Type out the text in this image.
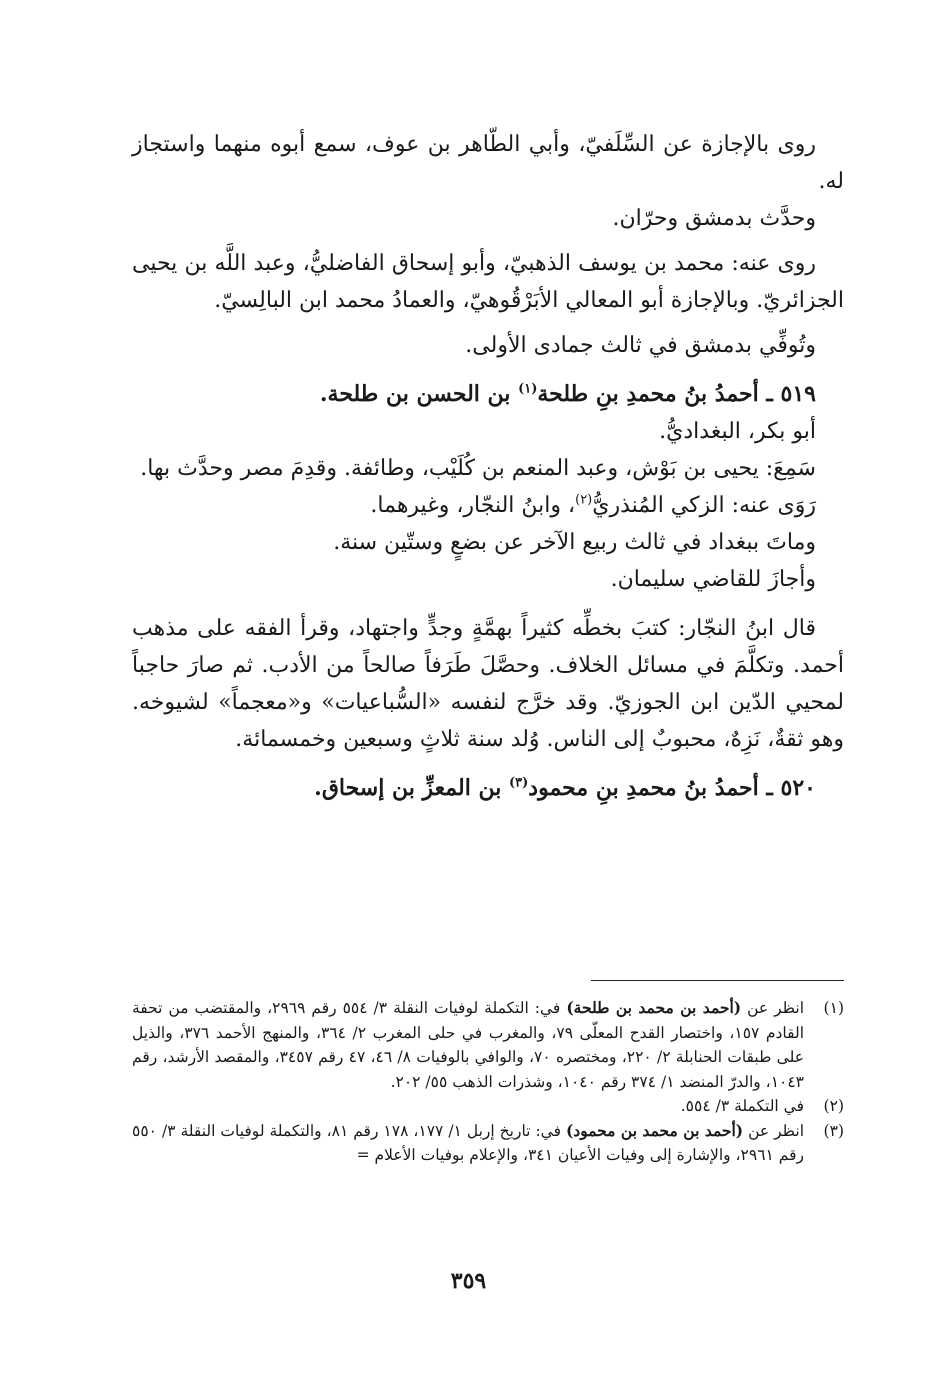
روى بالإجازة عن السِّلَفيّ، وأبي الطّاهر بن عوف، سمع أبوه منهما واستجاز له.

وحدَّث بدمشق وحرّان.

روى عنه: محمد بن يوسف الذهبيّ، وأبو إسحاق الفاضليُّ، وعبد اللَّه بن يحيى الجزائريّ. وبالإجازة أبو المعالي الأبَرْقُوهيّ، والعمادُ محمد ابن البالِسيّ.

وتُوفِّي بدمشق في ثالث جمادى الأولى.

٥١٩ ـ أحمدُ بنُ محمدِ بنِ طلحة$^{(١)}$ بن الحسن بن طلحة.

أبو بكر، البغداديُّ.

سَمِعَ: يحيى بن بَوْش، وعبد المنعم بن كُلَيْب، وطائفة. وقدِمَ مصر وحدَّث بها.

رَوَى عنه: الزكي المُنذريُّ$^{(٢)}$، وابنُ النجّار، وغيرهما.

وماتَ ببغداد في ثالث ربيع الآخر عن بضعٍ وستّين سنة.

وأجازَ للقاضي سليمان.

قال ابنُ النجّار: كتبَ بخطِّه كثيراً بهمَّةٍ وجدٍّ واجتهاد، وقرأ الفقه على مذهب أحمد. وتكلَّمَ في مسائل الخلاف. وحصَّلَ طَرَفاً صالحاً من الأدب. ثم صارَ حاجباً لمحيي الدّين ابن الجوزيّ. وقد خرَّج لنفسه «السُّباعيات» و«معجماً» لشيوخه. وهو ثقةٌ، نَزِهٌ، محبوبٌ إلى الناس. وُلد سنة ثلاثٍ وسبعين وخمسمائة.

٥٢٠ ـ أحمدُ بنُ محمدِ بنِ محمود$^{(٣)}$ بن المعزِّ بن إسحاق.

(١)
انظر عن (أحمد بن محمد بن طلحة) في: التكملة لوفيات النقلة ٣/ ٥٥٤ رقم ٢٩٦٩، والمقتضب من تحفة القادم ١٥٧، واختصار القدح المعلّى ٧٩، والمغرب في حلى المغرب ٢/ ٣٦٤، والمنهج الأحمد ٣٧٦، والذيل على طبقات الحنابلة ٢/ ٢٢٠، ومختصره ٧٠، والوافي بالوفيات ٨/ ٤٦، ٤٧ رقم ٣٤٥٧، والمقصد الأرشد، رقم ١٠٤٣، والدرّ المنضد ١/ ٣٧٤ رقم ١٠٤٠، وشذرات الذهب ٥٥/ ٢٠٢.
(٢)
في التكملة ٣/ ٥٥٤.
(٣)
انظر عن (أحمد بن محمد بن محمود) في: تاريخ إربل ١/ ١٧٧، ١٧٨ رقم ٨١، والتكملة لوفيات النقلة ٣/ ٥٥٠ رقم ٢٩٦١، والإشارة إلى وفيات الأعيان ٣٤١، والإعلام بوفيات الأعلام =
٣٥٩
